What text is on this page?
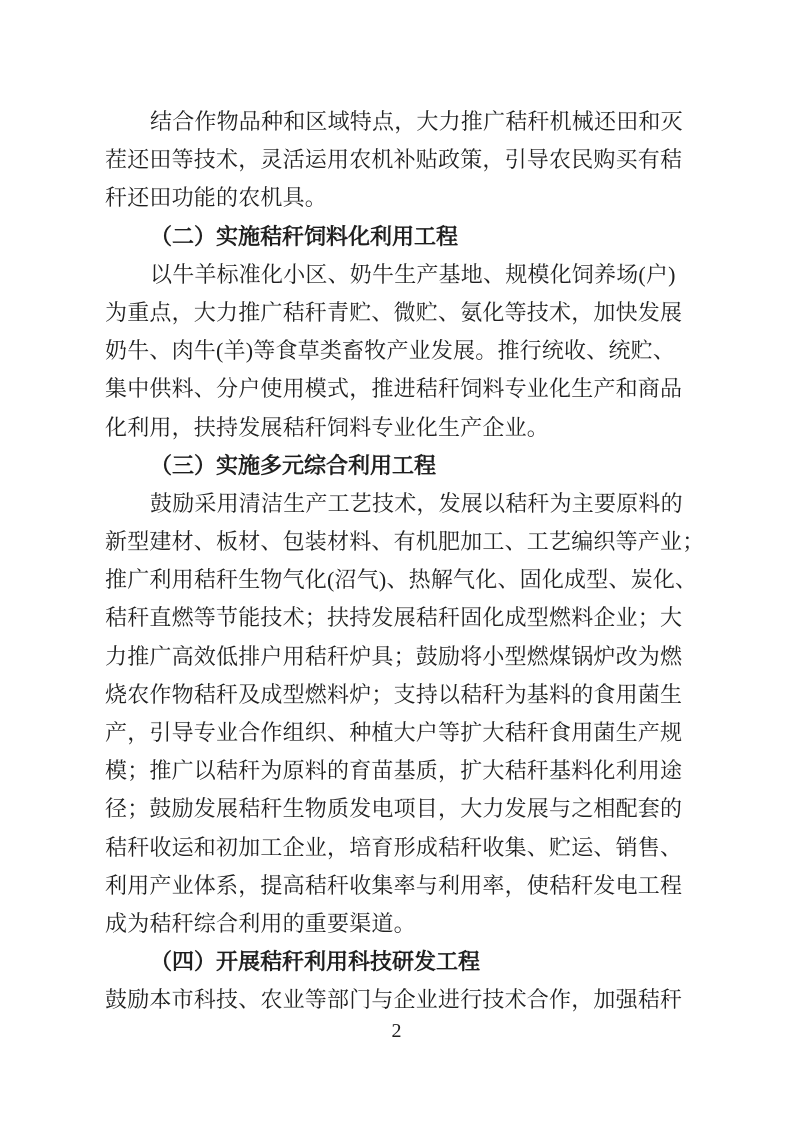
结合作物品种和区域特点，大力推广秸秆机械还田和灭

茬还田等技术，灵活运用农机补贴政策，引导农民购买有秸

秆还田功能的农机具。

（二）实施秸秆饲料化利用工程

以牛羊标准化小区、奶牛生产基地、规模化饲养场(户)

为重点，大力推广秸秆青贮、微贮、氨化等技术，加快发展

奶牛、肉牛(羊)等食草类畜牧产业发展。推行统收、统贮、

集中供料、分户使用模式，推进秸秆饲料专业化生产和商品

化利用，扶持发展秸秆饲料专业化生产企业。

（三）实施多元综合利用工程

鼓励采用清洁生产工艺技术，发展以秸秆为主要原料的

新型建材、板材、包装材料、有机肥加工、工艺编织等产业；

推广利用秸秆生物气化(沼气)、热解气化、固化成型、炭化、

秸秆直燃等节能技术；扶持发展秸秆固化成型燃料企业；大

力推广高效低排户用秸秆炉具；鼓励将小型燃煤锅炉改为燃

烧农作物秸秆及成型燃料炉；支持以秸秆为基料的食用菌生

产，引导专业合作组织、种植大户等扩大秸秆食用菌生产规

模；推广以秸秆为原料的育苗基质，扩大秸秆基料化利用途

径；鼓励发展秸秆生物质发电项目，大力发展与之相配套的

秸秆收运和初加工企业，培育形成秸秆收集、贮运、销售、

利用产业体系，提高秸秆收集率与利用率，使秸秆发电工程

成为秸秆综合利用的重要渠道。

（四）开展秸秆利用科技研发工程

鼓励本市科技、农业等部门与企业进行技术合作，加强秸秆

2
